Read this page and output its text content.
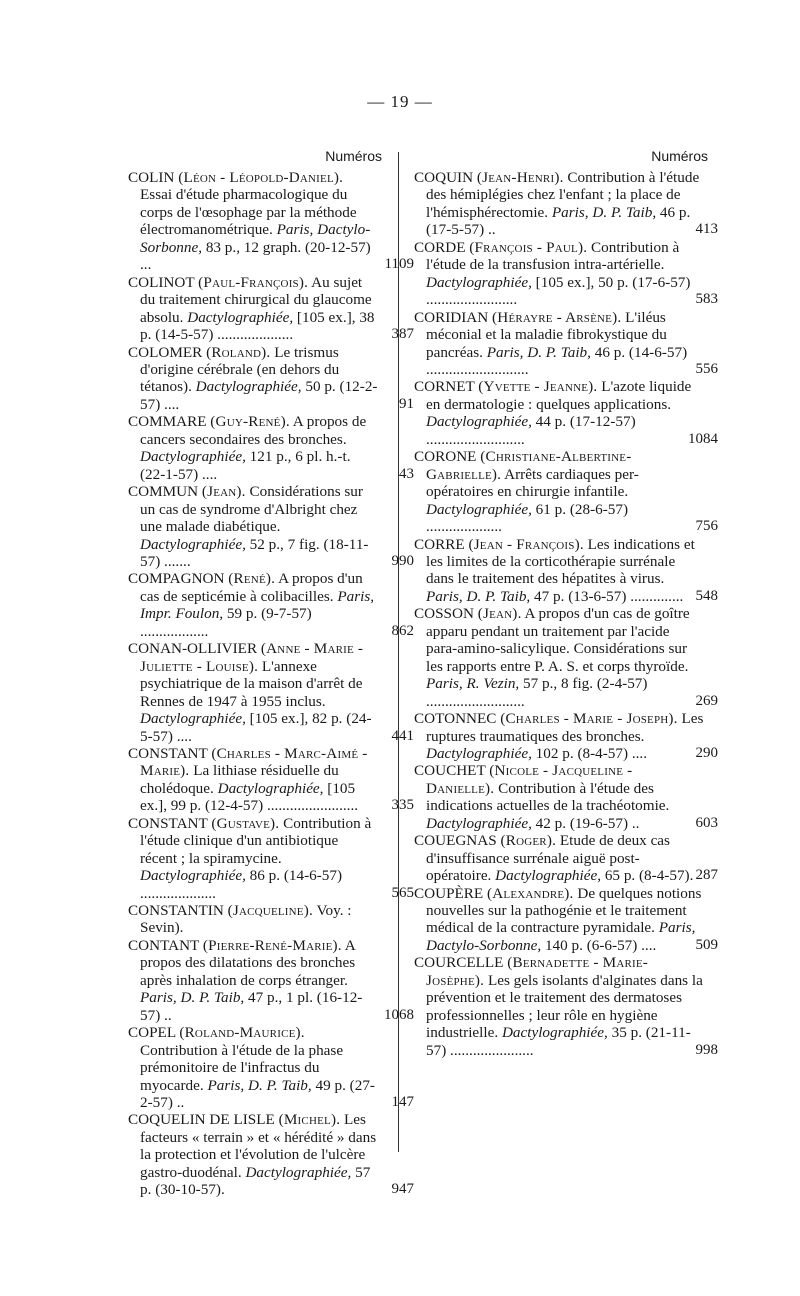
— 19 —
Numéros
COLIN (Léon - Léopold-Daniel). Essai d'étude pharmacologique du corps de l'œsophage par la méthode électromanométrique. Paris, Dactylo-Sorbonne, 83 p., 12 graph. (20-12-57) ...	1109
COLINOT (Paul-François). Au sujet du traitement chirurgical du glaucome absolu. Dactylographiée, [105 ex.], 38 p. (14-5-57) ....................	387
COLOMER (Roland). Le trismus d'origine cérébrale (en dehors du tétanos). Dactylographiée, 50 p. (12-2-57) ....	91
COMMARE (Guy-René). A propos de cancers secondaires des bronches. Dactylographiée, 121 p., 6 pl. h.-t. (22-1-57) ....	43
COMMUN (Jean). Considérations sur un cas de syndrome d'Albright chez une malade diabétique. Dactylographiée, 52 p., 7 fig. (18-11-57) .......	990
COMPAGNON (René). A propos d'un cas de septicémie à colibacilles. Paris, Impr. Foulon, 59 p. (9-7-57) ..................	862
CONAN-OLLIVIER (Anne - Marie - Juliette - Louise). L'annexe psychiatrique de la maison d'arrêt de Rennes de 1947 à 1955 inclus. Dactylographiée, [105 ex.], 82 p. (24-5-57) ....	441
CONSTANT (Charles - Marc-Aimé - Marie). La lithiase résiduelle du cholédoque. Dactylographiée, [105 ex.], 99 p. (12-4-57) ........................	335
CONSTANT (Gustave). Contribution à l'étude clinique d'un antibiotique récent ; la spiramycine. Dactylographiée, 86 p. (14-6-57) ....................	565
CONSTANTIN (Jacqueline). Voy. : Sevin).
CONTANT (Pierre-René-Marie). A propos des dilatations des bronches après inhalation de corps étranger. Paris, D. P. Taib, 47 p., 1 pl. (16-12-57) ..	1068
COPEL (Roland-Maurice). Contribution à l'étude de la phase prémonitoire de l'infractus du myocarde. Paris, D. P. Taib, 49 p. (27-2-57) ..	147
COQUELIN DE LISLE (Michel). Les facteurs « terrain » et « hérédité » dans la protection et l'évolution de l'ulcère gastro-duodénal. Dactylographiée, 57 p. (30-10-57).	947
Numéros
COQUIN (Jean-Henri). Contribution à l'étude des hémiplégies chez l'enfant ; la place de l'hémisphérectomie. Paris, D. P. Taib, 46 p. (17-5-57) ..	413
CORDE (François - Paul). Contribution à l'étude de la transfusion intra-artérielle. Dactylographiée, [105 ex.], 50 p. (17-6-57) ........................	583
CORIDIAN (Hérayre - Arsène). L'iléus méconial et la maladie fibrokystique du pancréas. Paris, D. P. Taib, 46 p. (14-6-57) ...........................	556
CORNET (Yvette - Jeanne). L'azote liquide en dermatologie : quelques applications. Dactylographiée, 44 p. (17-12-57) ..........................	1084
CORONE (Christiane-Albertine-Gabrielle). Arrêts cardiaques per-opératoires en chirurgie infantile. Dactylographiée, 61 p. (28-6-57) ....................	756
CORRE (Jean - François). Les indications et les limites de la corticothérapie surrénale dans le traitement des hépatites à virus. Paris, D. P. Taib, 47 p. (13-6-57) .............. 548
COSSON (Jean). A propos d'un cas de goître apparu pendant un traitement par l'acide para-amino-salicylique. Considérations sur les rapports entre P. A. S. et corps thyroïde. Paris, R. Vezin, 57 p., 8 fig. (2-4-57) ..........................	269
COTONNEC (Charles - Marie - Joseph). Les ruptures traumatiques des bronches. Dactylographiée, 102 p. (8-4-57) ....	290
COUCHET (Nicole - Jacqueline - Danielle). Contribution à l'étude des indications actuelles de la trachéotomie. Dactylographiée, 42 p. (19-6-57) ..	603
COUEGNAS (Roger). Etude de deux cas d'insuffisance surrénale aiguë post-opératoire. Dactylographiée, 65 p. (8-4-57). 287
COUPÈRE (Alexandre). De quelques notions nouvelles sur la pathogénie et le traitement médical de la contracture pyramidale. Paris, Dactylo-Sorbonne, 140 p. (6-6-57) ....	509
COURCELLE (Bernadette - Marie-Josèphe). Les gels isolants d'alginates dans la prévention et le traitement des dermatoses professionnelles ; leur rôle en hygiène industrielle. Dactylographiée, 35 p. (21-11-57) ......................	998
